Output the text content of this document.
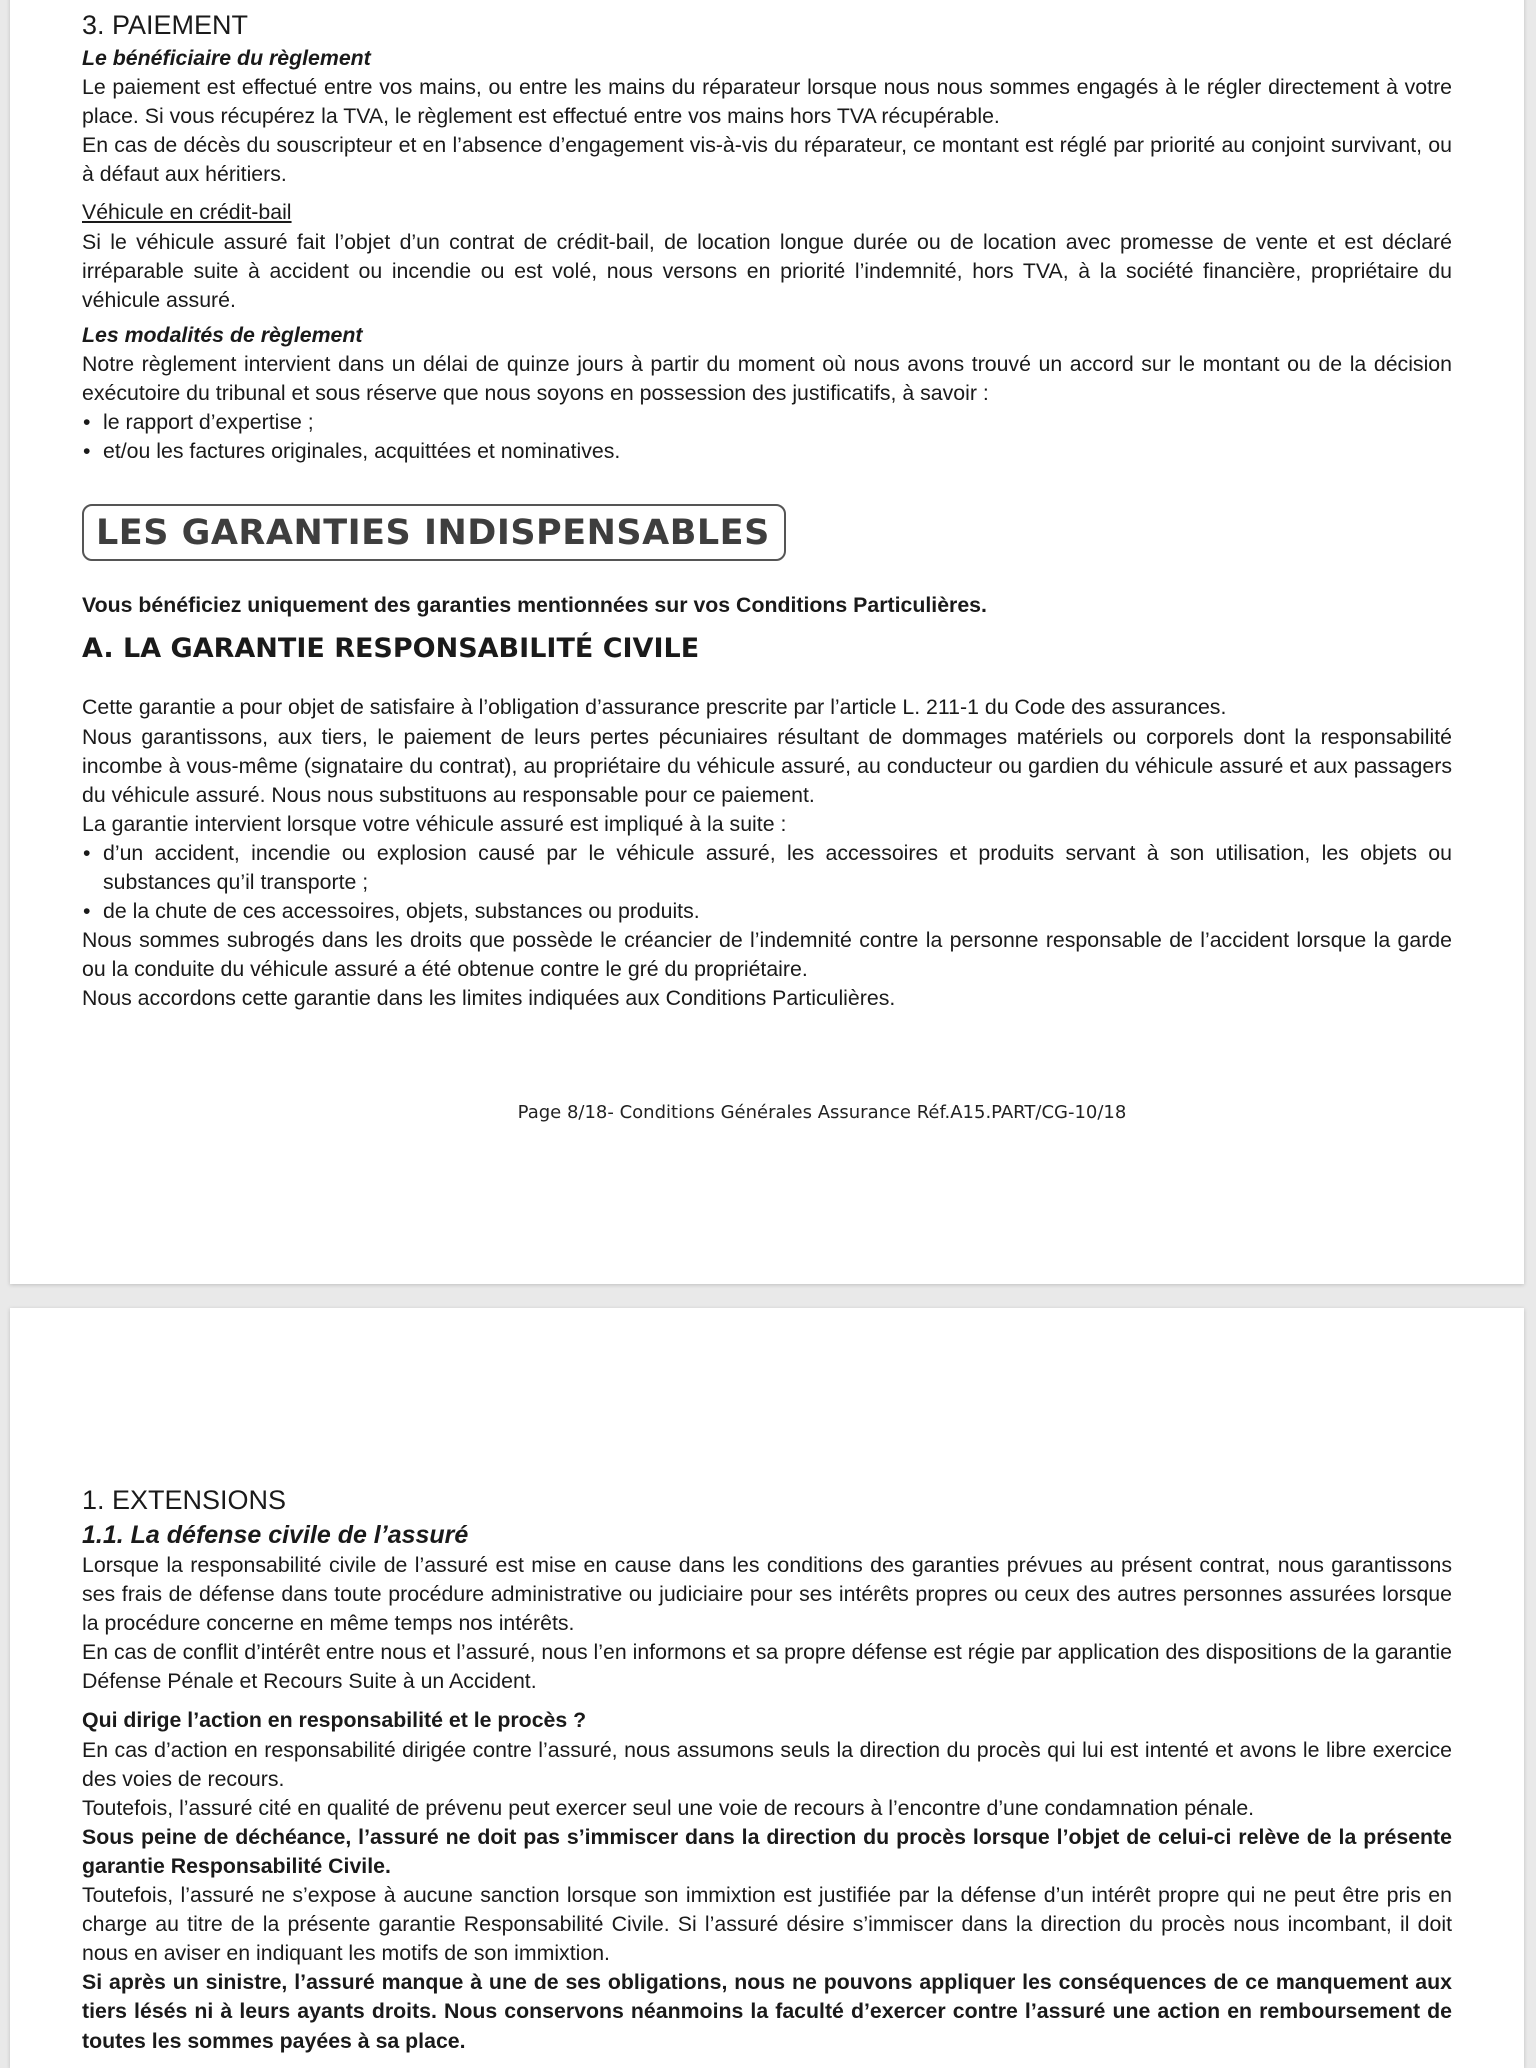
3. PAIEMENT

Le bénéficiaire du règlement

Le paiement est effectué entre vos mains, ou entre les mains du réparateur lorsque nous nous sommes engagés à le régler directement à votre place. Si vous récupérez la TVA, le règlement est effectué entre vos mains hors TVA récupérable.

En cas de décès du souscripteur et en l’absence d’engagement vis-à-vis du réparateur, ce montant est réglé par priorité au conjoint survivant, ou à défaut aux héritiers.

Véhicule en crédit-bail

Si le véhicule assuré fait l’objet d’un contrat de crédit-bail, de location longue durée ou de location avec promesse de vente et est déclaré irréparable suite à accident ou incendie ou est volé, nous versons en priorité l’indemnité, hors TVA, à la société financière, propriétaire du véhicule assuré.

Les modalités de règlement

Notre règlement intervient dans un délai de quinze jours à partir du moment où nous avons trouvé un accord sur le montant ou de la décision exécutoire du tribunal et sous réserve que nous soyons en possession des justificatifs, à savoir :

• le rapport d’expertise ;
• et/ou les factures originales, acquittées et nominatives.
LES GARANTIES INDISPENSABLES

Vous bénéficiez uniquement des garanties mentionnées sur vos Conditions Particulières.

A. LA GARANTIE RESPONSABILITÉ CIVILE

Cette garantie a pour objet de satisfaire à l’obligation d’assurance prescrite par l’article L. 211-1 du Code des assurances.

Nous garantissons, aux tiers, le paiement de leurs pertes pécuniaires résultant de dommages matériels ou corporels dont la responsabilité incombe à vous-même (signataire du contrat), au propriétaire du véhicule assuré, au conducteur ou gardien du véhicule assuré et aux passagers du véhicule assuré. Nous nous substituons au responsable pour ce paiement.

La garantie intervient lorsque votre véhicule assuré est impliqué à la suite :

• d’un accident, incendie ou explosion causé par le véhicule assuré, les accessoires et produits servant à son utilisation, les objets ou substances qu’il transporte ;
• de la chute de ces accessoires, objets, substances ou produits.

Nous sommes subrogés dans les droits que possède le créancier de l’indemnité contre la personne responsable de l’accident lorsque la garde ou la conduite du véhicule assuré a été obtenue contre le gré du propriétaire.

Nous accordons cette garantie dans les limites indiquées aux Conditions Particulières.

Page 8/18- Conditions Générales Assurance Réf.A15.PART/CG-10/18
1. EXTENSIONS

1.1. La défense civile de l’assuré

Lorsque la responsabilité civile de l’assuré est mise en cause dans les conditions des garanties prévues au présent contrat, nous garantissons ses frais de défense dans toute procédure administrative ou judiciaire pour ses intérêts propres ou ceux des autres personnes assurées lorsque la procédure concerne en même temps nos intérêts.

En cas de conflit d’intérêt entre nous et l’assuré, nous l’en informons et sa propre défense est régie par application des dispositions de la garantie Défense Pénale et Recours Suite à un Accident.

Qui dirige l’action en responsabilité et le procès ?

En cas d’action en responsabilité dirigée contre l’assuré, nous assumons seuls la direction du procès qui lui est intenté et avons le libre exercice des voies de recours.

Toutefois, l’assuré cité en qualité de prévenu peut exercer seul une voie de recours à l’encontre d’une condamnation pénale.

Sous peine de déchéance, l’assuré ne doit pas s’immiscer dans la direction du procès lorsque l’objet de celui-ci relève de la présente garantie Responsabilité Civile.

Toutefois, l’assuré ne s’expose à aucune sanction lorsque son immixtion est justifiée par la défense d’un intérêt propre qui ne peut être pris en charge au titre de la présente garantie Responsabilité Civile. Si l’assuré désire s’immiscer dans la direction du procès nous incombant, il doit nous en aviser en indiquant les motifs de son immixtion.

Si après un sinistre, l’assuré manque à une de ses obligations, nous ne pouvons appliquer les conséquences de ce manquement aux tiers lésés ni à leurs ayants droits. Nous conservons néanmoins la faculté d’exercer contre l’assuré une action en remboursement de toutes les sommes payées à sa place.
